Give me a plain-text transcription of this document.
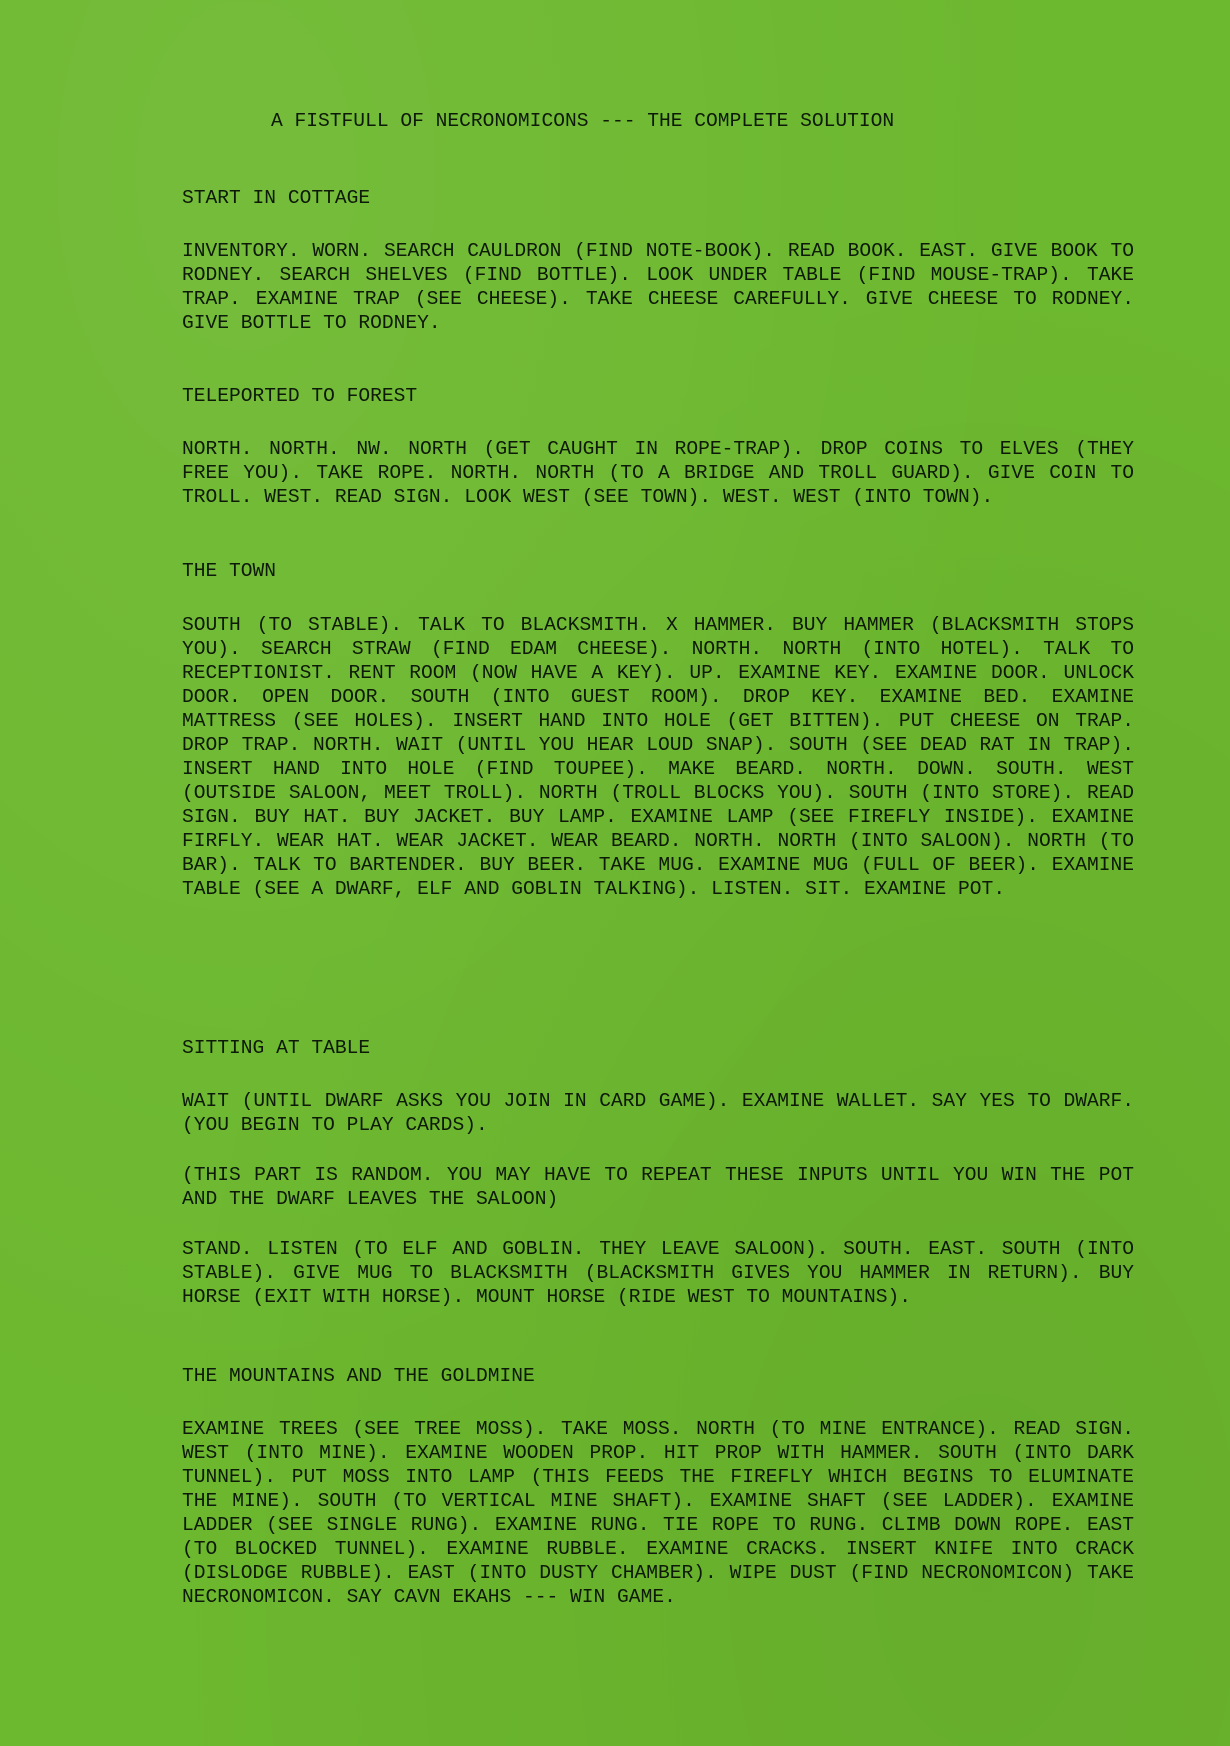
A FISTFULL OF NECRONOMICONS --- THE COMPLETE SOLUTION
START IN COTTAGE
INVENTORY. WORN. SEARCH CAULDRON (FIND NOTE-BOOK). READ BOOK. EAST. GIVE BOOK TO RODNEY. SEARCH SHELVES (FIND BOTTLE). LOOK UNDER TABLE (FIND MOUSE-TRAP). TAKE TRAP. EXAMINE TRAP (SEE CHEESE). TAKE CHEESE CAREFULLY. GIVE CHEESE TO RODNEY. GIVE BOTTLE TO RODNEY.
TELEPORTED TO FOREST
NORTH. NORTH. NW. NORTH (GET CAUGHT IN ROPE-TRAP). DROP COINS TO ELVES (THEY FREE YOU). TAKE ROPE. NORTH. NORTH (TO A BRIDGE AND TROLL GUARD). GIVE COIN TO TROLL. WEST. READ SIGN. LOOK WEST (SEE TOWN). WEST. WEST (INTO TOWN).
THE TOWN
SOUTH (TO STABLE). TALK TO BLACKSMITH. X HAMMER. BUY HAMMER (BLACKSMITH STOPS YOU). SEARCH STRAW (FIND EDAM CHEESE). NORTH. NORTH (INTO HOTEL). TALK TO RECEPTIONIST. RENT ROOM (NOW HAVE A KEY). UP. EXAMINE KEY. EXAMINE DOOR. UNLOCK DOOR. OPEN DOOR. SOUTH (INTO GUEST ROOM). DROP KEY. EXAMINE BED. EXAMINE MATTRESS (SEE HOLES). INSERT HAND INTO HOLE (GET BITTEN). PUT CHEESE ON TRAP. DROP TRAP. NORTH. WAIT (UNTIL YOU HEAR LOUD SNAP). SOUTH (SEE DEAD RAT IN TRAP). INSERT HAND INTO HOLE (FIND TOUPEE). MAKE BEARD. NORTH. DOWN. SOUTH. WEST (OUTSIDE SALOON, MEET TROLL). NORTH (TROLL BLOCKS YOU). SOUTH (INTO STORE). READ SIGN. BUY HAT. BUY JACKET. BUY LAMP. EXAMINE LAMP (SEE FIREFLY INSIDE). EXAMINE FIRFLY. WEAR HAT. WEAR JACKET. WEAR BEARD. NORTH. NORTH (INTO SALOON). NORTH (TO BAR). TALK TO BARTENDER. BUY BEER. TAKE MUG. EXAMINE MUG (FULL OF BEER). EXAMINE TABLE (SEE A DWARF, ELF AND GOBLIN TALKING). LISTEN. SIT. EXAMINE POT.
SITTING AT TABLE
WAIT (UNTIL DWARF ASKS YOU JOIN IN CARD GAME). EXAMINE WALLET. SAY YES TO DWARF. (YOU BEGIN TO PLAY CARDS).
(THIS PART IS RANDOM. YOU MAY HAVE TO REPEAT THESE INPUTS UNTIL YOU WIN THE POT AND THE DWARF LEAVES THE SALOON)
STAND. LISTEN (TO ELF AND GOBLIN. THEY LEAVE SALOON). SOUTH. EAST. SOUTH (INTO STABLE). GIVE MUG TO BLACKSMITH (BLACKSMITH GIVES YOU HAMMER IN RETURN). BUY HORSE (EXIT WITH HORSE). MOUNT HORSE (RIDE WEST TO MOUNTAINS).
THE MOUNTAINS AND THE GOLDMINE
EXAMINE TREES (SEE TREE MOSS). TAKE MOSS. NORTH (TO MINE ENTRANCE). READ SIGN. WEST (INTO MINE). EXAMINE WOODEN PROP. HIT PROP WITH HAMMER. SOUTH (INTO DARK TUNNEL). PUT MOSS INTO LAMP (THIS FEEDS THE FIREFLY WHICH BEGINS TO ELUMINATE THE MINE). SOUTH (TO VERTICAL MINE SHAFT). EXAMINE SHAFT (SEE LADDER). EXAMINE LADDER (SEE SINGLE RUNG). EXAMINE RUNG. TIE ROPE TO RUNG. CLIMB DOWN ROPE. EAST (TO BLOCKED TUNNEL). EXAMINE RUBBLE. EXAMINE CRACKS. INSERT KNIFE INTO CRACK (DISLODGE RUBBLE). EAST (INTO DUSTY CHAMBER). WIPE DUST (FIND NECRONOMICON) TAKE NECRONOMICON. SAY CAVN EKAHS --- WIN GAME.
